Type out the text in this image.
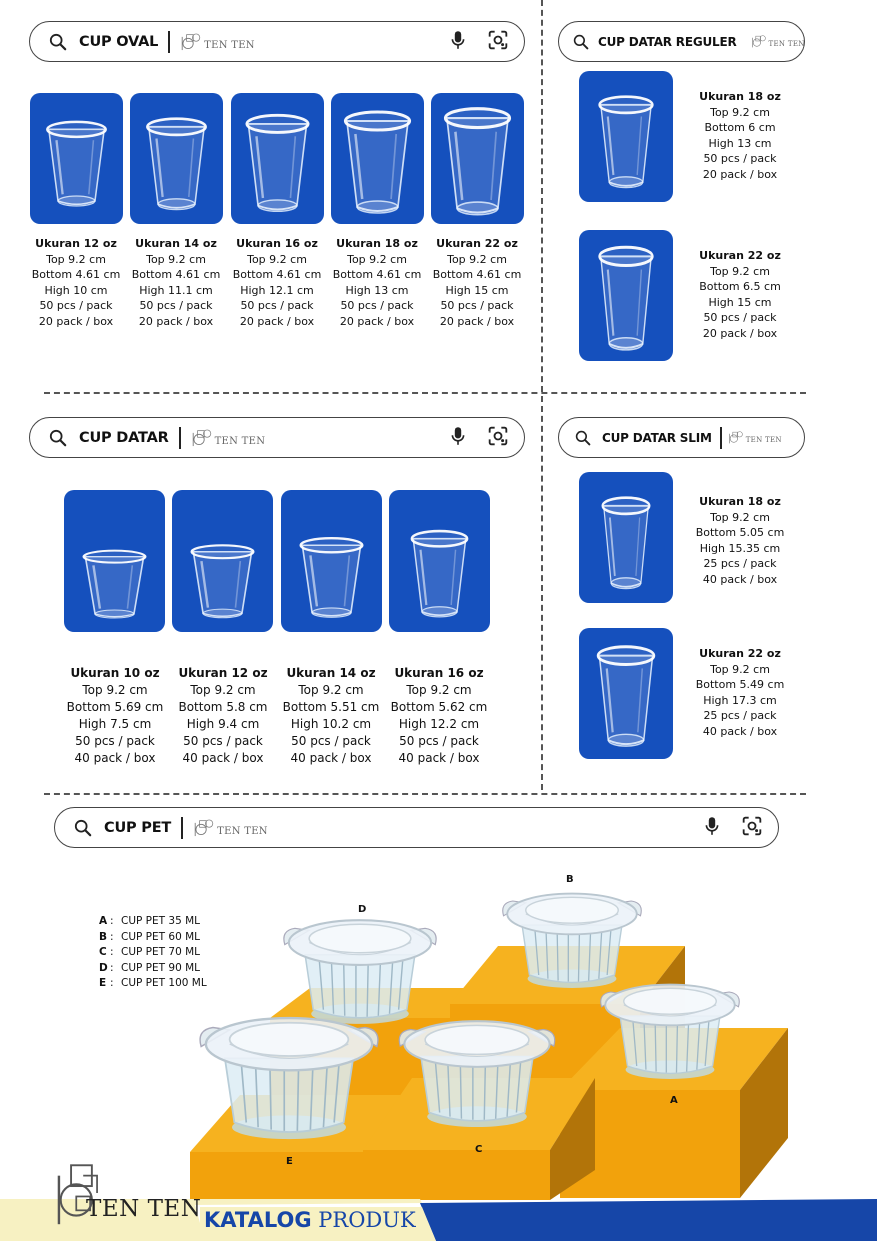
CUP OVAL	TEN TEN
Ukuran 12 oz
Top 9.2 cm
Bottom 4.61 cm
High 10 cm
50 pcs / pack
20 pack / box
Ukuran 14 oz
Top 9.2 cm
Bottom 4.61 cm
High 11.1 cm
50 pcs / pack
20 pack / box
Ukuran 16 oz
Top 9.2 cm
Bottom 4.61 cm
High 12.1 cm
50 pcs / pack
20 pack / box
Ukuran 18 oz
Top 9.2 cm
Bottom 4.61 cm
High 13 cm
50 pcs / pack
20 pack / box
Ukuran 22 oz
Top 9.2 cm
Bottom 4.61 cm
High 15 cm
50 pcs / pack
20 pack / box
CUP DATAR REGULER	TEN TEN
Ukuran 18 oz
Top 9.2 cm
Bottom 6 cm
High 13 cm
50 pcs / pack
20 pack / box
Ukuran 22 oz
Top 9.2 cm
Bottom 6.5 cm
High 15 cm
50 pcs / pack
20 pack / box
CUP DATAR	TEN TEN
Ukuran 10 oz
Top 9.2 cm
Bottom 5.69 cm
High 7.5 cm
50 pcs / pack
40 pack / box
Ukuran 12 oz
Top 9.2 cm
Bottom 5.8 cm
High 9.4 cm
50 pcs / pack
40 pack / box
Ukuran 14 oz
Top 9.2 cm
Bottom 5.51 cm
High 10.2 cm
50 pcs / pack
40 pack / box
Ukuran 16 oz
Top 9.2 cm
Bottom 5.62 cm
High 12.2 cm
50 pcs / pack
40 pack / box
CUP DATAR SLIM	TEN TEN
Ukuran 18 oz
Top 9.2 cm
Bottom 5.05 cm
High 15.35 cm
25 pcs / pack
40 pack / box
Ukuran 22 oz
Top 9.2 cm
Bottom 5.49 cm
High 17.3 cm
25 pcs / pack
40 pack / box
CUP PET	TEN TEN
A : CUP PET 35 ML
B : CUP PET 60 ML
C : CUP PET 70 ML
D : CUP PET 90 ML
E : CUP PET 100 ML
B
D
A
C
E
TEN TEN KATALOG PRODUK
